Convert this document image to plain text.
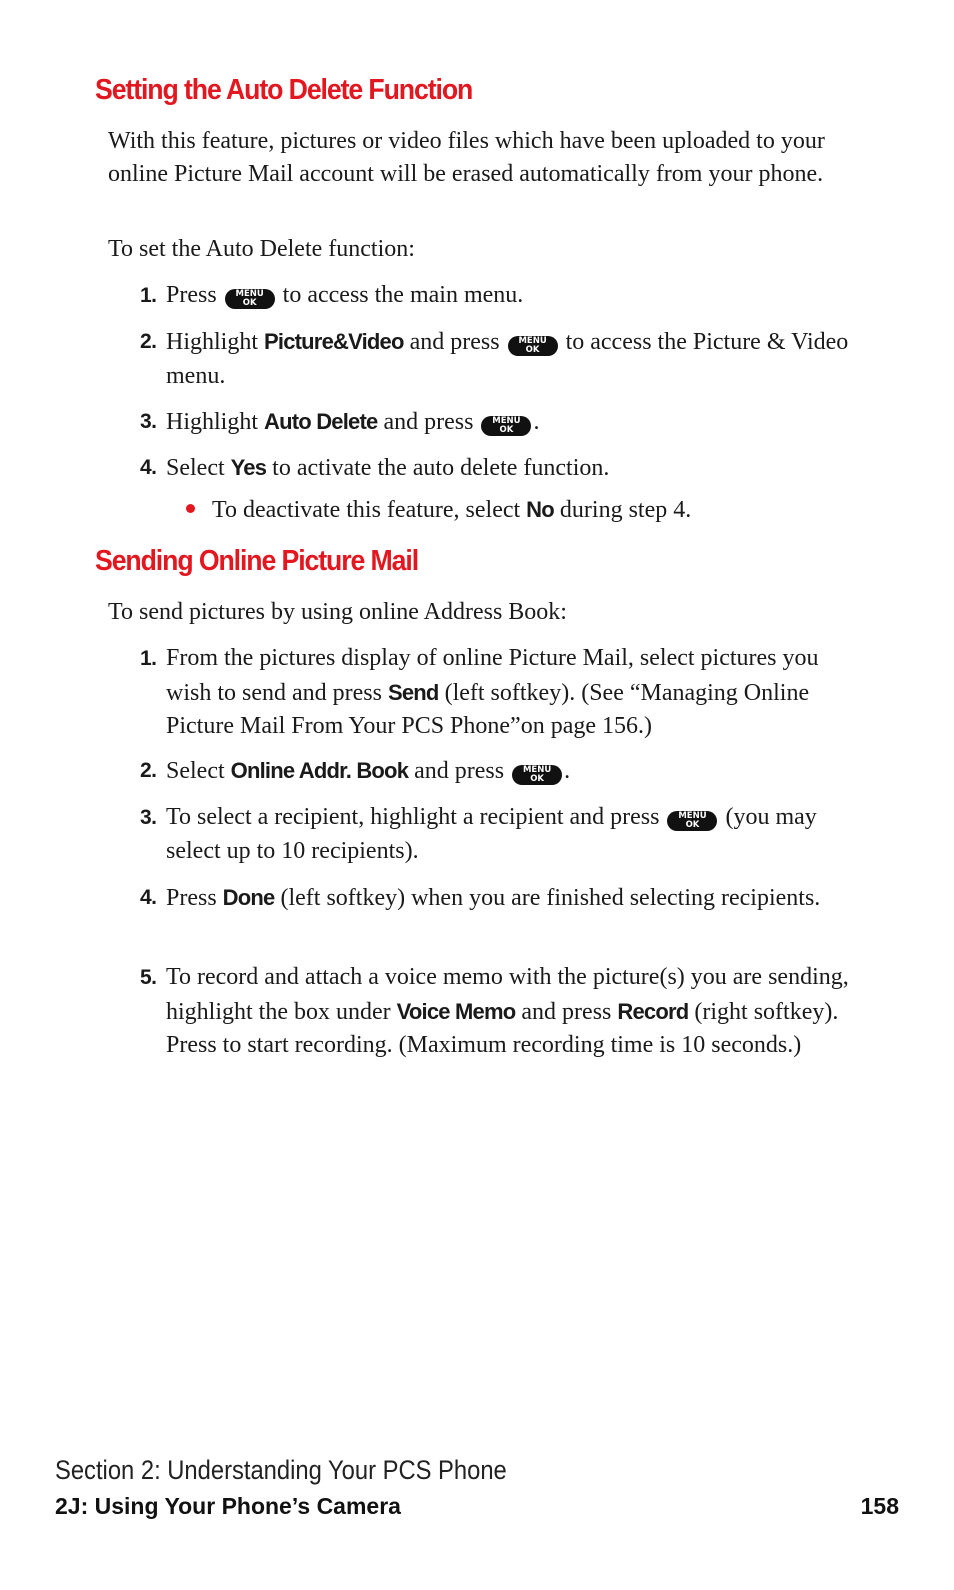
Setting the Auto Delete Function

With this feature, pictures or video files which have been uploaded to your online Picture Mail account will be erased automatically from your phone.

To set the Auto Delete function:

1. Press	MENU
OK	to access the main menu.
2. Highlight Picture&Video and press	MENU
OK	to access the Picture & Video menu.
3. Highlight Auto Delete and press	MENU
OK .
4. Select Yes to activate the auto delete function.
To deactivate this feature, select No during step 4.
Sending Online Picture Mail

To send pictures by using online Address Book:

1. From the pictures display of online Picture Mail, select pictures you wish to send and press Send (left softkey). (See “Managing Online Picture Mail From Your PCS Phone”on page 156.)
2. Select Online Addr. Book and press	MENU
OK .
3. To select a recipient, highlight a recipient and press	MENU
OK	(you may select up to 10 recipients).
4. Press Done (left softkey) when you are finished selecting recipients.
5. To record and attach a voice memo with the picture(s) you are sending, highlight the box under Voice Memo and press Record (right softkey). Press to start recording. (Maximum recording time is 10 seconds.)
Section 2: Understanding Your PCS Phone
2J: Using Your Phone’s Camera	158
